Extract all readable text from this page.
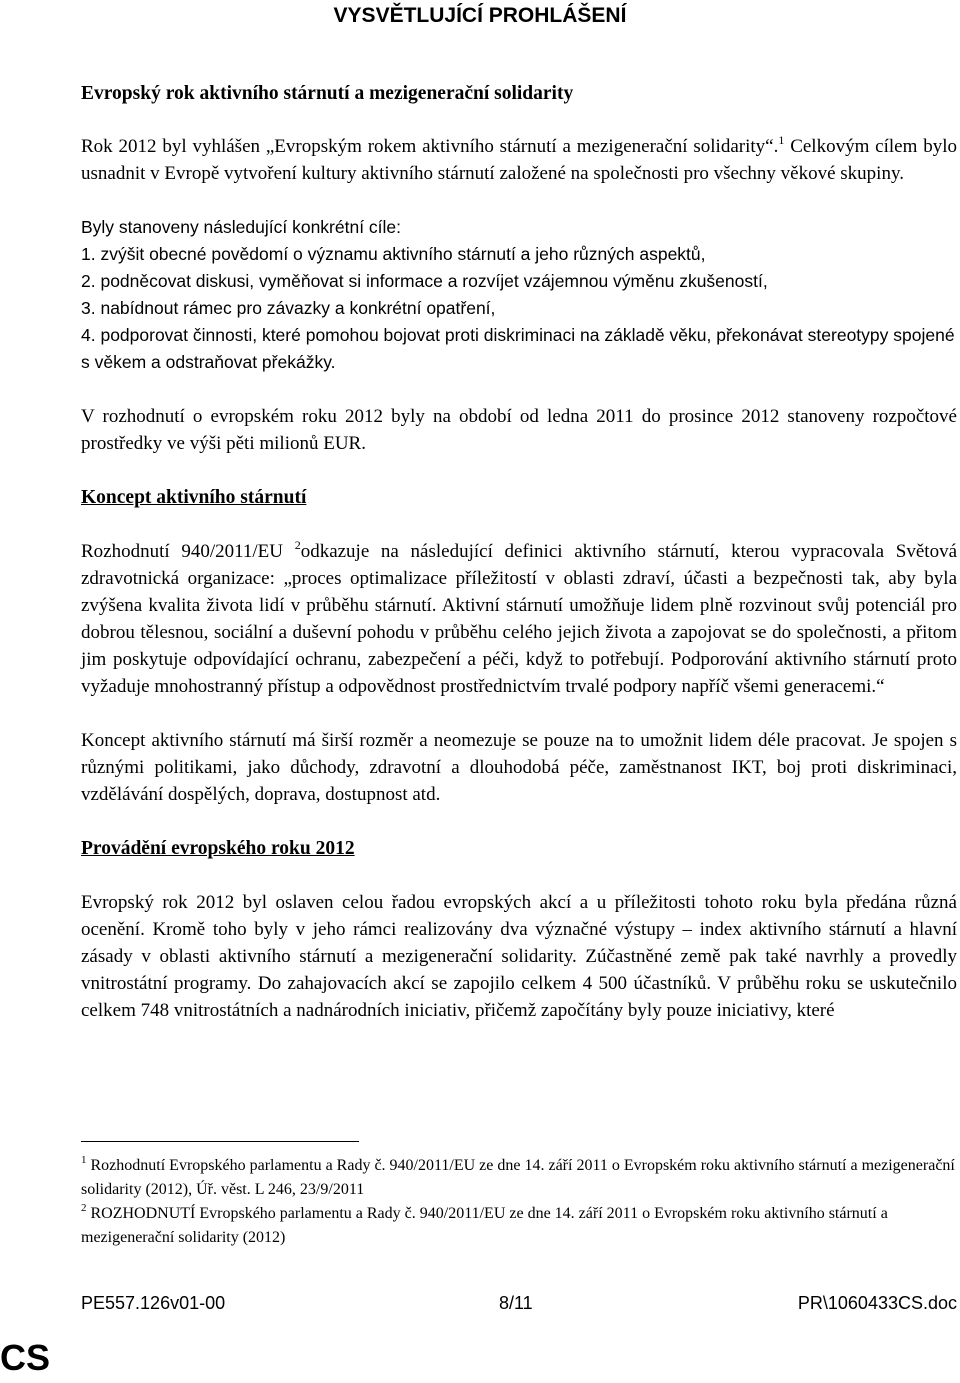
VYSVĚTLUJÍCÍ PROHLÁŠENÍ

Evropský rok aktivního stárnutí a mezigenerační solidarity

Rok 2012 byl vyhlášen „Evropským rokem aktivního stárnutí a mezigenerační solidarity“.$^1$ Celkovým cílem bylo usnadnit v Evropě vytvoření kultury aktivního stárnutí založené na společnosti pro všechny věkové skupiny.

Byly stanoveny následující konkrétní cíle:

1. zvýšit obecné povědomí o významu aktivního stárnutí a jeho různých aspektů,

2. podněcovat diskusi, vyměňovat si informace a rozvíjet vzájemnou výměnu zkušeností,

3. nabídnout rámec pro závazky a konkrétní opatření,

4. podporovat činnosti, které pomohou bojovat proti diskriminaci na základě věku, překonávat stereotypy spojené s věkem a odstraňovat překážky.

V rozhodnutí o evropském roku 2012 byly na období od ledna 2011 do prosince 2012 stanoveny rozpočtové prostředky ve výši pěti milionů EUR.

Koncept aktivního stárnutí

Rozhodnutí 940/2011/EU $^2$odkazuje na následující definici aktivního stárnutí, kterou vypracovala Světová zdravotnická organizace: „proces optimalizace příležitostí v oblasti zdraví, účasti a bezpečnosti tak, aby byla zvýšena kvalita života lidí v průběhu stárnutí. Aktivní stárnutí umožňuje lidem plně rozvinout svůj potenciál pro dobrou tělesnou, sociální a duševní pohodu v průběhu celého jejich života a zapojovat se do společnosti, a přitom jim poskytuje odpovídající ochranu, zabezpečení a péči, když to potřebují. Podporování aktivního stárnutí proto vyžaduje mnohostranný přístup a odpovědnost prostřednictvím trvalé podpory napříč všemi generacemi.“

Koncept aktivního stárnutí má širší rozměr a neomezuje se pouze na to umožnit lidem déle pracovat. Je spojen s různými politikami, jako důchody, zdravotní a dlouhodobá péče, zaměstnanost IKT, boj proti diskriminaci, vzdělávání dospělých, doprava, dostupnost atd.

Provádění evropského roku 2012

Evropský rok 2012 byl oslaven celou řadou evropských akcí a u příležitosti tohoto roku byla předána různá ocenění. Kromě toho byly v jeho rámci realizovány dva význačné výstupy – index aktivního stárnutí a hlavní zásady v oblasti aktivního stárnutí a mezigenerační solidarity. Zúčastněné země pak také navrhly a provedly vnitrostátní programy. Do zahajovacích akcí se zapojilo celkem 4 500 účastníků. V průběhu roku se uskutečnilo celkem 748 vnitrostátních a nadnárodních iniciativ, přičemž započítány byly pouze iniciativy, které

$^1$ Rozhodnutí Evropského parlamentu a Rady č. 940/2011/EU ze dne 14. září 2011 o Evropském roku aktivního stárnutí a mezigenerační solidarity (2012), Úř. věst. L 246, 23/9/2011

$^2$ ROZHODNUTÍ Evropského parlamentu a Rady č. 940/2011/EU ze dne 14. září 2011 o Evropském roku aktivního stárnutí a mezigenerační solidarity (2012)

PE557.126v01-00	8/11	PR\1060433CS.doc
CS
